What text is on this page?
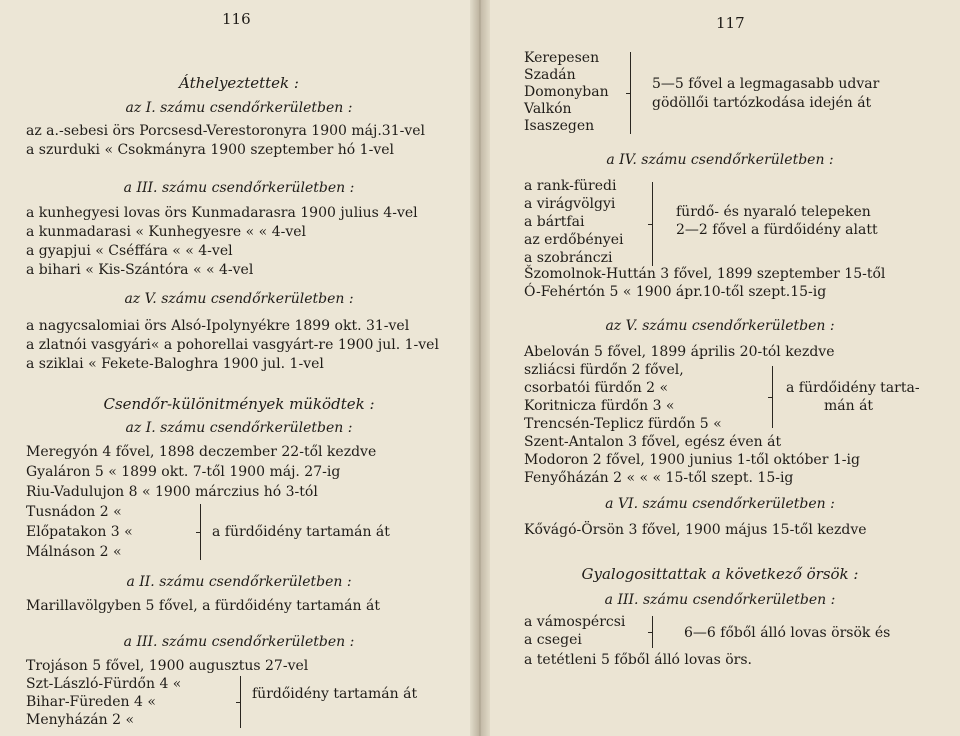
116
Áthelyeztettek :
az I. számu csendőrkerületben :
az a.-sebesi örs Porcsesd-Verestoronyra 1900 máj.31-vel
a szurduki « Csokmányra 1900 szeptember hó 1-vel
a III. számu csendőrkerületben :
a kunhegyesi lovas örs Kunmadarasra 1900 julius 4-vel
a kunmadarasi « Kunhegyesre « « 4-vel
a gyapjui « Cséffára « « 4-vel
a bihari « Kis-Szántóra « « 4-vel
az V. számu csendőrkerületben :
a nagycsalomiai örs Alsó-Ipolynyékre 1899 okt. 31-vel
a zlatnói vasgyári« a pohorellai vasgyárt-re 1900 jul. 1-vel
a sziklai « Fekete-Baloghra 1900 jul. 1-vel
Csendőr-különitmények müködtek :
az I. számu csendőrkerületben :
Meregyón 4 fővel, 1898 deczember 22-től kezdve
Gyaláron 5 « 1899 okt. 7-től 1900 máj. 27-ig
Riu-Vadulujon 8 « 1900 márczius hó 3-tól
Tusnádon 2 «
Előpatakon 3 «
Málnáson 2 «
a fürdőidény tartamán át
a II. számu csendőrkerületben :
Marillavölgyben 5 fővel, a fürdőidény tartamán át
a III. számu csendőrkerületben :
Trojáson 5 fővel, 1900 augusztus 27-vel
Szt-László-Fürdőn 4 «
Bihar-Füreden 4 «
Menyházán 2 «
fürdőidény tartamán át
117
Kerepesen
Szadán
Domonyban
Valkón
Isaszegen
5—5 fővel a legmagasabb udvar
gödöllői tartózkodása idején át
a IV. számu csendőrkerületben :
a rank-füredi
a virágvölgyi
a bártfai
az erdőbényei
a szobránczi
fürdő- és nyaraló telepeken
2—2 fővel a fürdőidény alatt
Šzomolnok-Huttán 3 fővel, 1899 szeptember 15-től
Ó-Fehértón 5 « 1900 ápr.10-től szept.15-ig
az V. számu csendőrkerületben :
Abelován 5 fővel, 1899 április 20-tól kezdve
szliácsi fürdőn 2 fővel,
csorbatói fürdőn 2 «
Koritnicza fürdőn 3 «
Trencsén-Teplicz fürdőn 5 «
a fürdőidény tarta-
mán át
Szent-Antalon 3 fővel, egész éven át
Modoron 2 fővel, 1900 junius 1-től október 1-ig
Fenyőházán 2 « « « 15-től szept. 15-ig
a VI. számu csendőrkerületben :
Kővágó-Örsön 3 fővel, 1900 május 15-től kezdve
Gyalogosittattak a következő örsök :
a III. számu csendőrkerületben :
a vámospércsi
a csegei	6—6 főből álló lovas örsök és
a tetétleni 5 főből álló lovas örs.
